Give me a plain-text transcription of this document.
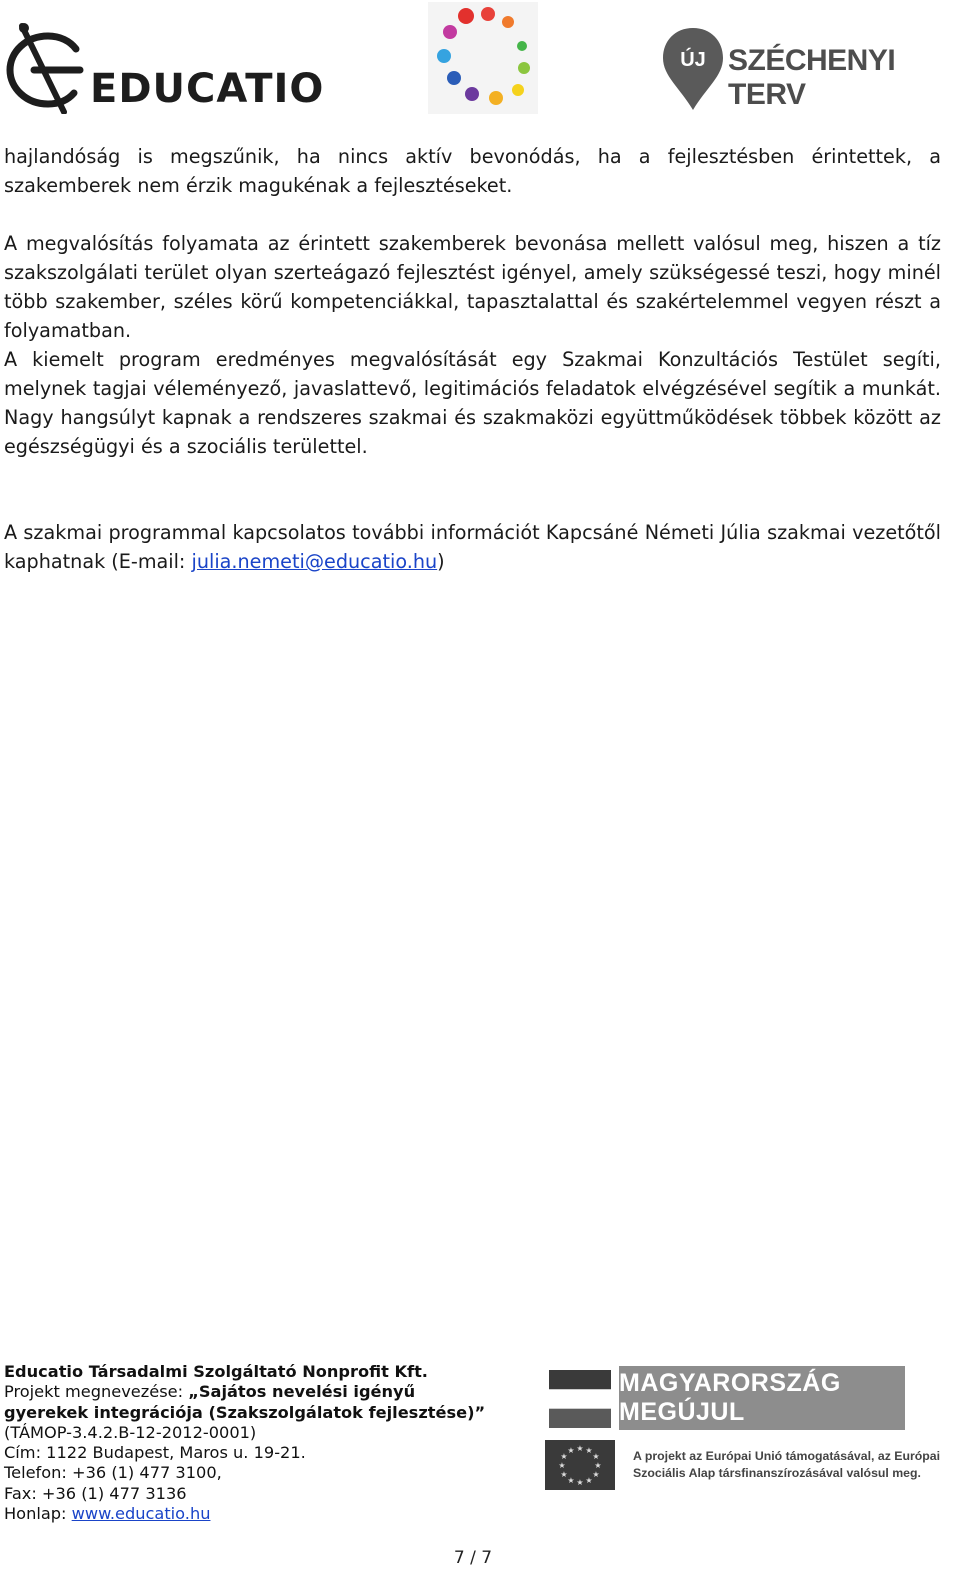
EDUCATIO
ÚJ SZÉCHENYI TERV

hajlandóság is megszűnik, ha nincs aktív bevonódás, ha a fejlesztésben érintettek, a szakemberek nem érzik magukénak a fejlesztéseket.

A megvalósítás folyamata az érintett szakemberek bevonása mellett valósul meg, hiszen a tíz szakszolgálati terület olyan szerteágazó fejlesztést igényel, amely szükségessé teszi, hogy minél több szakember, széles körű kompetenciákkal, tapasztalattal és szakértelemmel vegyen részt a folyamatban.

A kiemelt program eredményes megvalósítását egy Szakmai Konzultációs Testület segíti, melynek tagjai véleményező, javaslattevő, legitimációs feladatok elvégzésével segítik a munkát. Nagy hangsúlyt kapnak a rendszeres szakmai és szakmaközi együttműködések többek között az egészségügyi és a szociális területtel.

A szakmai programmal kapcsolatos további információt Kapcsáné Németi Júlia szakmai vezetőtől kaphatnak (E-mail: julia.nemeti@educatio.hu)

Educatio Társadalmi Szolgáltató Nonprofit Kft.
Projekt megnevezése: „Sajátos nevelési igényű
gyerekek integrációja (Szakszolgálatok fejlesztése)”
(TÁMOP-3.4.2.B-12-2012-0001)
Cím: 1122 Budapest, Maros u. 19-21.
Telefon: +36 (1) 477 3100,
Fax: +36 (1) 477 3136
Honlap: www.educatio.hu
MAGYARORSZÁG MEGÚJUL
★ ★
★
★
★
★
★
★
★
★
★
★	A projekt az Európai Unió támogatásával, az Európai
Szociális Alap társfinanszírozásával valósul meg.
7 / 7
